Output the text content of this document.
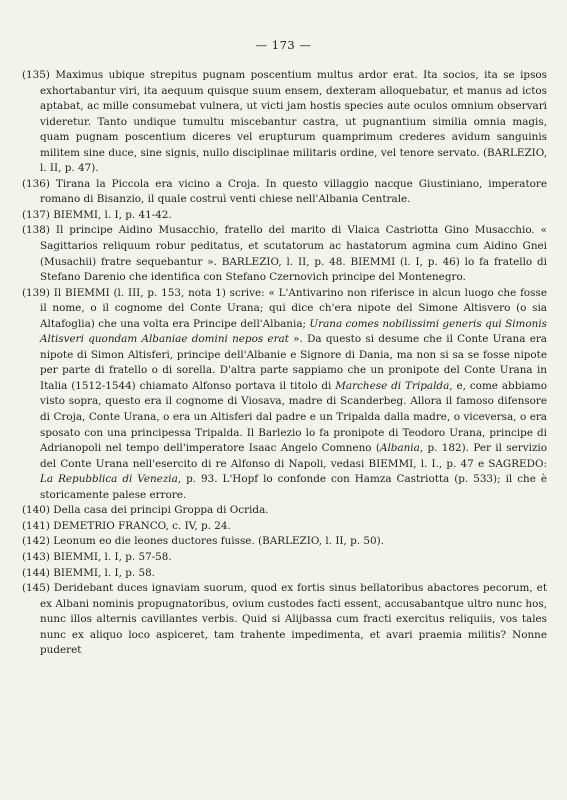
— 173 —

(135) Maximus ubique strepitus pugnam poscentium multus ardor erat. Ita socios, ita se ipsos exhortabantur viri, ita aequum quisque suum ensem, dexteram alloquebatur, et manus ad ictos aptabat, ac mille consumebat vulnera, ut victi jam hostis species aute oculos omnium observari videretur. Tanto undique tumultu miscebantur castra, ut pugnantium similia omnia magis, quam pugnam poscentium diceres vel erupturum quamprimum crederes avidum sanguinis militem sine duce, sine signis, nullo disciplinae militaris ordine, vel tenore servato. (BARLEZIO, l. II, p. 47).

(136) Tirana la Piccola era vicino a Croja. In questo villaggio nacque Giustiniano, imperatore romano di Bisanzio, il quale costruì venti chiese nell'Albania Centrale.

(137) BIEMMI, l. I, p. 41-42.

(138) Il principe Aidino Musacchio, fratello del marito di Vlaica Castriotta Gino Musacchio. « Sagittarios reliquum robur peditatus, et scutatorum ac hastatorum agmina cum Aidino Gnei (Musachii) fratre sequebantur ». BARLEZIO, l. II, p. 48. BIEMMI (l. I, p. 46) lo fa fratello di Stefano Darenio che identifica con Stefano Czernovich principe del Montenegro.

(139) Il BIEMMI (l. III, p. 153, nota 1) scrive: « L'Antivarino non riferisce in alcun luogo che fosse il nome, o il cognome del Conte Urana; qui dice ch'era nipote del Simone Altisvero (o sia Altafoglia) che una volta era Principe dell'Albania; Urana comes nobilissimi generis qui Simonis Altisveri quondam Albaniae domini nepos erat ». Da questo si desume che il Conte Urana era nipote di Simon Altisferi, principe dell'Albanie e Signore di Dania, ma non si sa se fosse nipote per parte di fratello o di sorella. D'altra parte sappiamo che un pronipote del Conte Urana in Italia (1512-1544) chiamato Alfonso portava il titolo di Marchese di Tripalda, e, come abbiamo visto sopra, questo era il cognome di Viosava, madre di Scanderbeg. Allora il famoso difensore di Croja, Conte Urana, o era un Altisferi dal padre e un Tripalda dalla madre, o viceversa, o era sposato con una principessa Tripalda. Il Barlezio lo fa pronipote di Teodoro Urana, principe di Adrianopoli nel tempo dell'imperatore Isaac Angelo Comneno (Albania, p. 182). Per il servizio del Conte Urana nell'esercito di re Alfonso di Napoli, vedasi BIEMMI, l. I., p. 47 e SAGREDO: La Repubblica di Venezia, p. 93. L'Hopf lo confonde con Hamza Castriotta (p. 533); il che è storicamente palese errore.

(140) Della casa dei principi Groppa di Ocrida.

(141) DEMETRIO FRANCO, c. IV, p. 24.

(142) Leonum eo die leones ductores fuisse. (BARLEZIO, l. II, p. 50).

(143) BIEMMI, l. I, p. 57-58.

(144) BIEMMI, l. I, p. 58.

(145) Deridebant duces ignaviam suorum, quod ex fortis sinus bellatoribus abactores pecorum, et ex Albani nominis propugnatoribus, ovium custodes facti essent, accusabantque ultro nunc hos, nunc illos alternis cavillantes verbis. Quid si Alijbassa cum fracti exercitus reliquiis, vos tales nunc ex aliquo loco aspiceret, tam trahente impedimenta, et avari praemia militis? Nonne puderet
